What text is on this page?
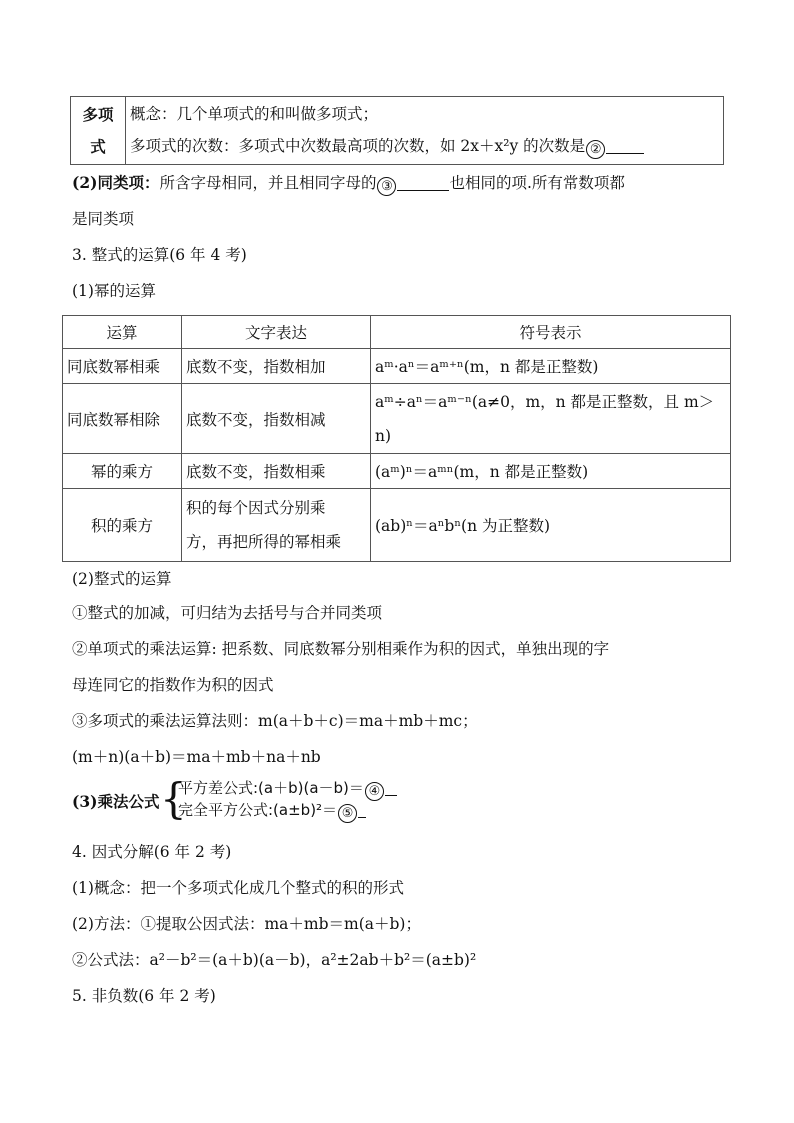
多项
式	概念：几个单项式的和叫做多项式；
多项式的次数：多项式中次数最高项的次数，如 2x＋x²y 的次数是 ②
(2)同类项：所含字母相同，并且相同字母的 ③	也相同的项.所有常数项都
是同类项
3. 整式的运算(6 年 4 考)
(1)幂的运算
运算	文字表达	符号表示
同底数幂相乘	底数不变，指数相加	aᵐ·aⁿ＝aᵐ⁺ⁿ(m，n 都是正整数)
同底数幂相除	底数不变，指数相减	aᵐ÷aⁿ＝aᵐ⁻ⁿ(a≠0，m，n 都是正整数，且 m＞
n)
幂的乘方	底数不变，指数相乘	(aᵐ)ⁿ＝aᵐⁿ(m，n 都是正整数)
积的乘方	积的每个因式分别乘
方，再把所得的幂相乘	(ab)ⁿ＝aⁿbⁿ(n 为正整数)
(2)整式的运算
①整式的加减，可归结为去括号与合并同类项
②单项式的乘法运算: 把系数、同底数幂分别相乘作为积的因式，单独出现的字
母连同它的指数作为积的因式
③多项式的乘法运算法则：m(a＋b＋c)＝ma＋mb＋mc；
(m＋n)(a＋b)＝ma＋mb＋na＋nb
(3)乘法公式 {
平方差公式:(a＋b)(a－b)＝ ④
完全平方公式:(a±b)²＝ ⑤
4. 因式分解(6 年 2 考)
(1)概念：把一个多项式化成几个整式的积的形式
(2)方法：①提取公因式法：ma＋mb＝m(a＋b)；
②公式法：a²－b²＝(a＋b)(a－b)，a²±2ab＋b²＝(a±b)²
5. 非负数(6 年 2 考)
